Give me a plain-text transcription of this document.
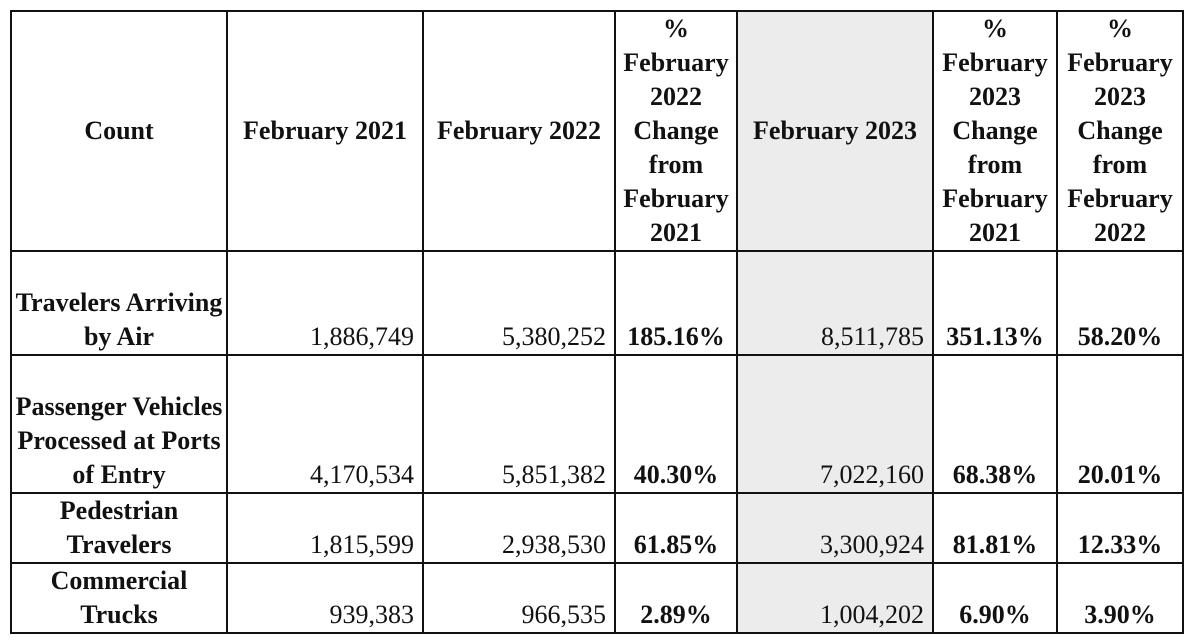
Count	February 2021	February 2022	% February 2022 Change from February 2021	February 2023	% February 2023 Change from February 2021	% February 2023 Change from February 2022
Travelers Arriving by Air	1,886,749	5,380,252	185.16%	8,511,785	351.13%	58.20%
Passenger Vehicles Processed at Ports of Entry	4,170,534	5,851,382	40.30%	7,022,160	68.38%	20.01%
Pedestrian Travelers	1,815,599	2,938,530	61.85%	3,300,924	81.81%	12.33%
Commercial Trucks	939,383	966,535	2.89%	1,004,202	6.90%	3.90%
